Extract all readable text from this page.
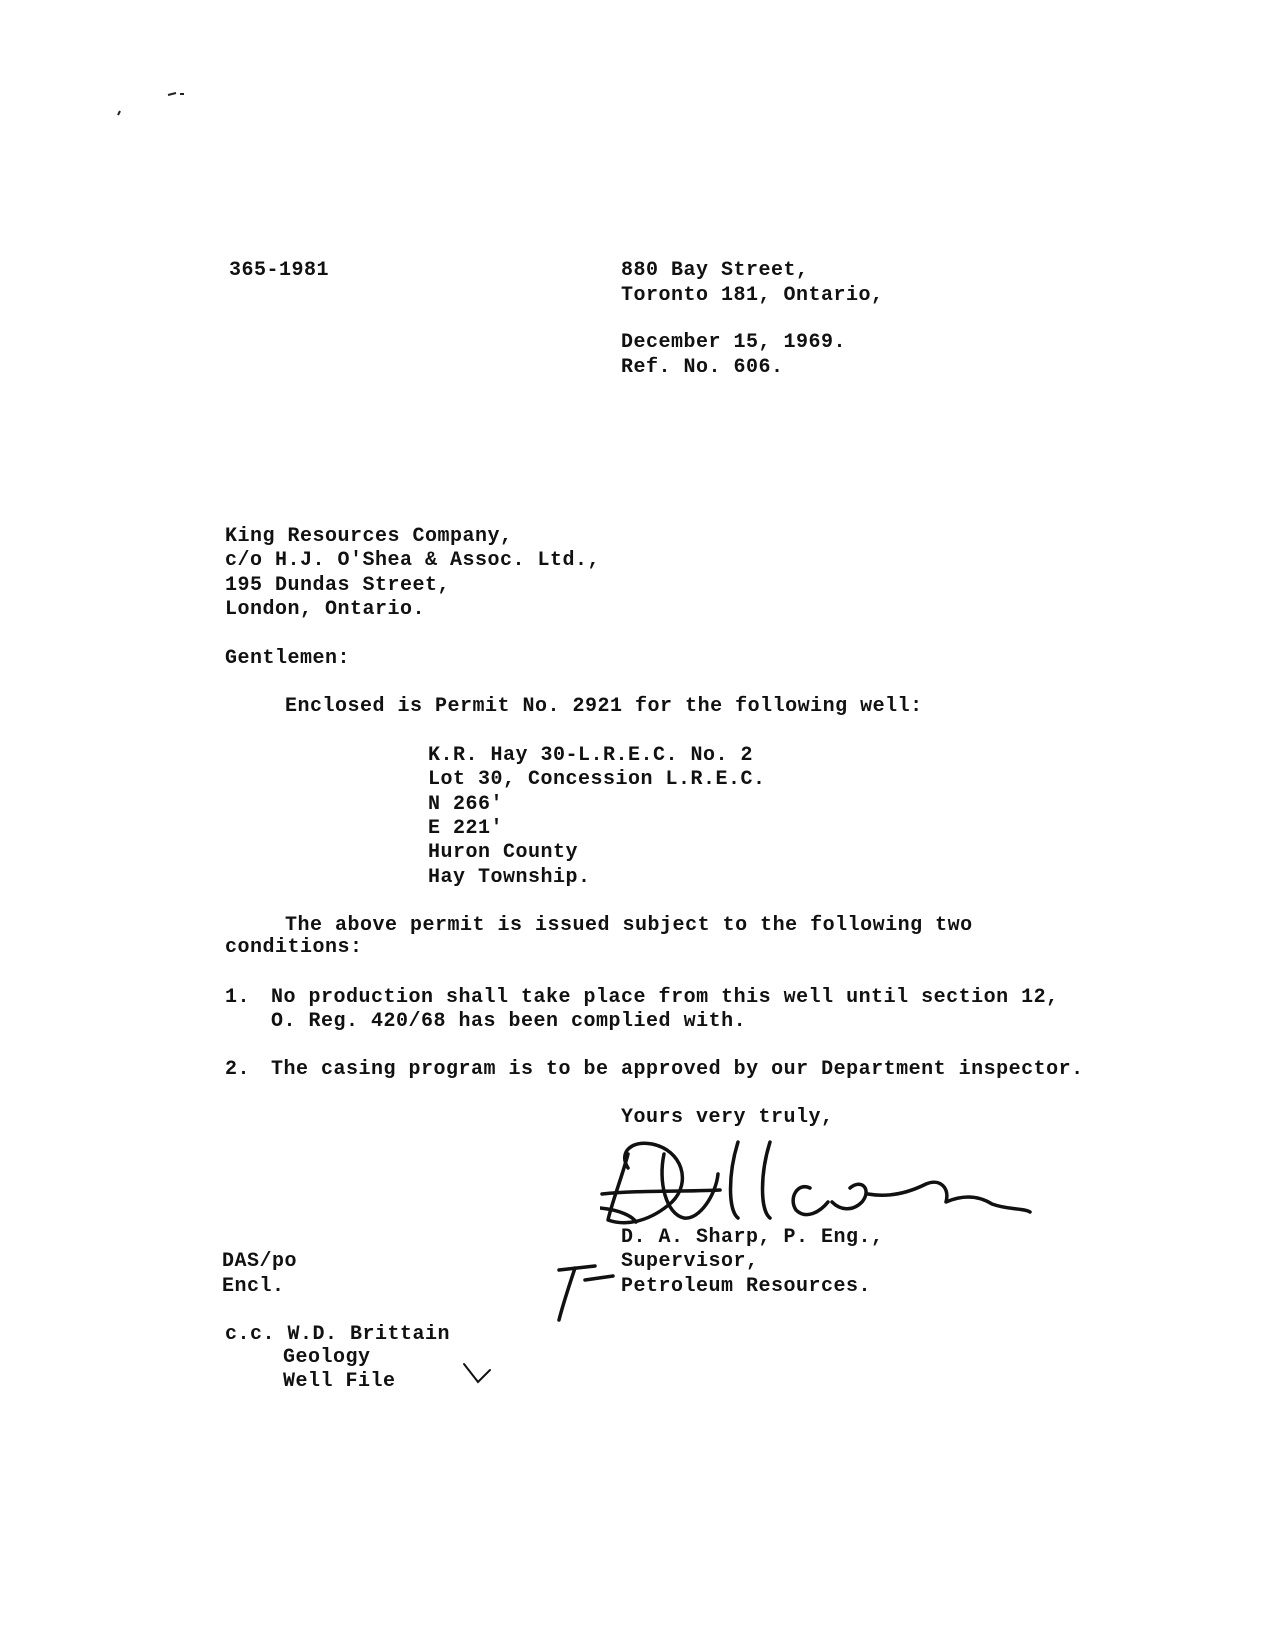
365-1981	880 Bay Street,
Toronto 181, Ontario,
December 15, 1969.
Ref. No. 606.
King Resources Company,
c/o H.J. O'Shea & Assoc. Ltd.,
195 Dundas Street,
London, Ontario.
Gentlemen:
Enclosed is Permit No. 2921 for the following well:
K.R. Hay 30-L.R.E.C. No. 2
Lot 30, Concession L.R.E.C.
N 266'
E 221'
Huron County
Hay Township.
The above permit is issued subject to the following two
conditions:
1. No production shall take place from this well until section 12,
O. Reg. 420/68 has been complied with.
2. The casing program is to be approved by our Department inspector.
Yours very truly,
D. A. Sharp, P. Eng.,
Supervisor,
Petroleum Resources.
DAS/po
Encl.
c.c. W.D. Brittain
Geology
Well File
